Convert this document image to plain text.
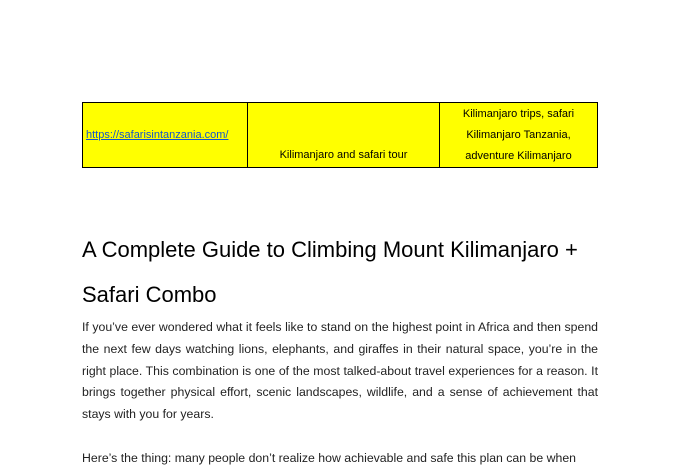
https://safarisintanzania.com/	Kilimanjaro and safari tour	Kilimanjaro trips, safari Kilimanjaro Tanzania, adventure Kilimanjaro
A Complete Guide to Climbing Mount Kilimanjaro + Safari Combo

If you’ve ever wondered what it feels like to stand on the highest point in Africa and then spend the next few days watching lions, elephants, and giraffes in their natural space, you’re in the right place. This combination is one of the most talked-about travel experiences for a reason. It brings together physical effort, scenic landscapes, wildlife, and a sense of achievement that stays with you for years.

Here’s the thing: many people don’t realize how achievable and safe this plan can be when
